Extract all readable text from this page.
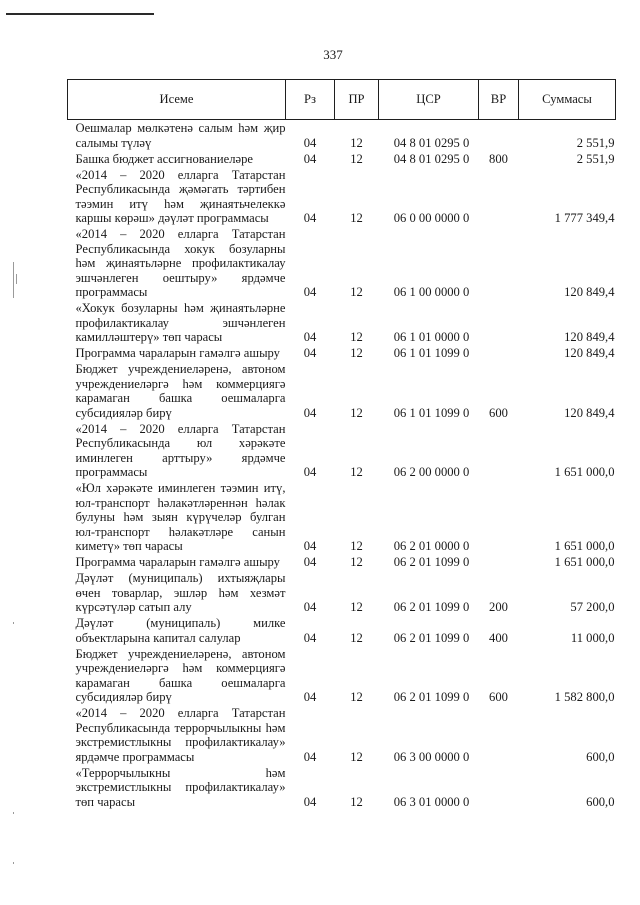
337
Исеме	Рз	ПР	ЦСР	ВР	Суммасы
Оешмалар мөлкәтенә салым һәм җир салымы түләү	04	12	04 8 01 0295 0		2 551,9
Башка бюджет ассигнованиеләре	04	12	04 8 01 0295 0	800	2 551,9
«2014 – 2020 елларга Татарстан Республикасында җәмәгать тәртибен тәэмин итү һәм җинаятьчелеккә каршы көрәш» дәүләт программасы	04	12	06 0 00 0000 0		1 777 349,4
«2014 – 2020 елларга Татарстан Республикасында хокук бозуларны һәм җинаятьләрне профилактикалау эшчәнлеген оештыру» ярдәмче программасы	04	12	06 1 00 0000 0		120 849,4
«Хокук бозуларны һәм җинаятьләрне профилактикалау эшчәнлеген камилләштерү» төп чарасы	04	12	06 1 01 0000 0		120 849,4
Программа чараларын гамәлгә ашыру	04	12	06 1 01 1099 0		120 849,4
Бюджет учреждениеләренә, автоном учреждениеләргә һәм коммерциягә карамаган башка оешмаларга субсидияләр бирү	04	12	06 1 01 1099 0	600	120 849,4
«2014 – 2020 елларга Татарстан Республикасында юл хәрәкәте иминлеген арттыру» ярдәмче программасы	04	12	06 2 00 0000 0		1 651 000,0
«Юл хәрәкәте иминлеген тәэмин итү, юл-транспорт һәлакәтләреннән һәлак булуны һәм зыян күрүчеләр булган юл-транспорт һәлакәтләре санын киметү» төп чарасы	04	12	06 2 01 0000 0		1 651 000,0
Программа чараларын гамәлгә ашыру	04	12	06 2 01 1099 0		1 651 000,0
Дәүләт (муниципаль) ихтыяҗлары өчен товарлар, эшләр һәм хезмәт күрсәтүләр сатып алу	04	12	06 2 01 1099 0	200	57 200,0
Дәүләт (муниципаль) милке объектларына капитал салулар	04	12	06 2 01 1099 0	400	11 000,0
Бюджет учреждениеләренә, автоном учреждениеләргә һәм коммерциягә карамаган башка оешмаларга субсидияләр бирү	04	12	06 2 01 1099 0	600	1 582 800,0
«2014 – 2020 елларга Татарстан Республикасында террорчылыкны һәм экстремистлыкны профилактикалау» ярдәмче программасы	04	12	06 3 00 0000 0		600,0
«Террорчылыкны һәм экстремистлыкны профилактикалау» төп чарасы	04	12	06 3 01 0000 0		600,0
